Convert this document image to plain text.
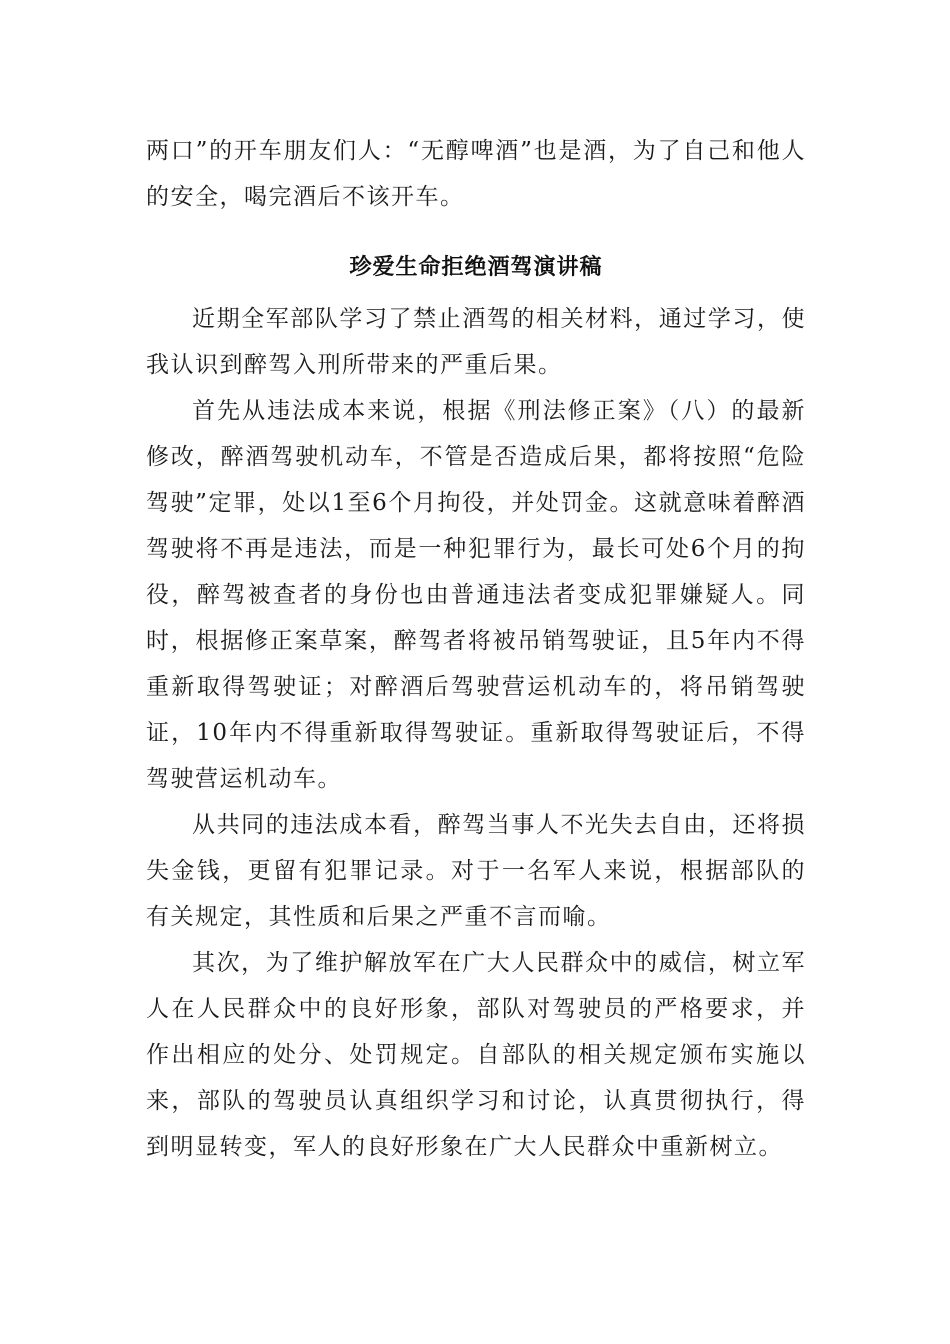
两口”的开车朋友们人：“无醇啤酒”也是酒，为了自己和他人的安全，喝完酒后不该开车。

珍爱生命拒绝酒驾演讲稿

近期全军部队学习了禁止酒驾的相关材料，通过学习，使我认识到醉驾入刑所带来的严重后果。

首先从违法成本来说，根据《刑法修正案》（八）的最新修改，醉酒驾驶机动车，不管是否造成后果，都将按照“危险驾驶”定罪，处以1至6个月拘役，并处罚金。这就意味着醉酒驾驶将不再是违法，而是一种犯罪行为，最长可处6个月的拘役，醉驾被查者的身份也由普通违法者变成犯罪嫌疑人。同时，根据修正案草案，醉驾者将被吊销驾驶证，且5年内不得重新取得驾驶证；对醉酒后驾驶营运机动车的，将吊销驾驶证，10年内不得重新取得驾驶证。重新取得驾驶证后，不得驾驶营运机动车。

从共同的违法成本看，醉驾当事人不光失去自由，还将损失金钱，更留有犯罪记录。对于一名军人来说，根据部队的有关规定，其性质和后果之严重不言而喻。

其次，为了维护解放军在广大人民群众中的威信，树立军人在人民群众中的良好形象，部队对驾驶员的严格要求，并作出相应的处分、处罚规定。自部队的相关规定颁布实施以来，部队的驾驶员认真组织学习和讨论，认真贯彻执行，得到明显转变，军人的良好形象在广大人民群众中重新树立。
